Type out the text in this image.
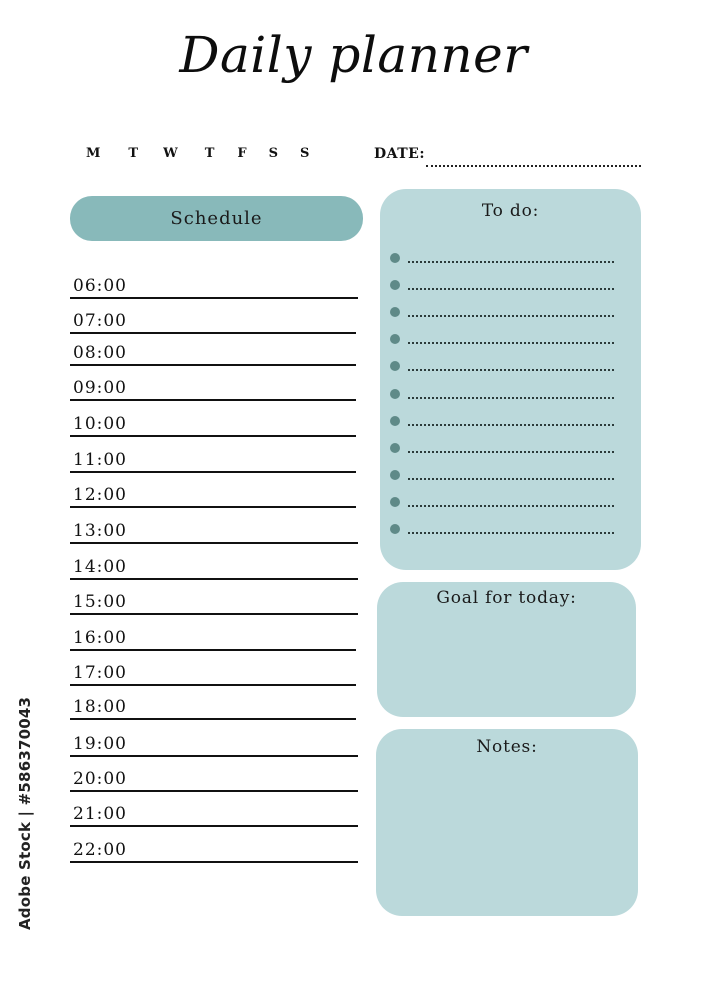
Daily planner
M T W T F S S	DATE:
Schedule
06:00
07:00
08:00
09:00
10:00
11:00
12:00
13:00
14:00
15:00
16:00
17:00
18:00
19:00
20:00
21:00
22:00
To do:
Goal for today:
Notes:
Adobe Stock | #586370043
